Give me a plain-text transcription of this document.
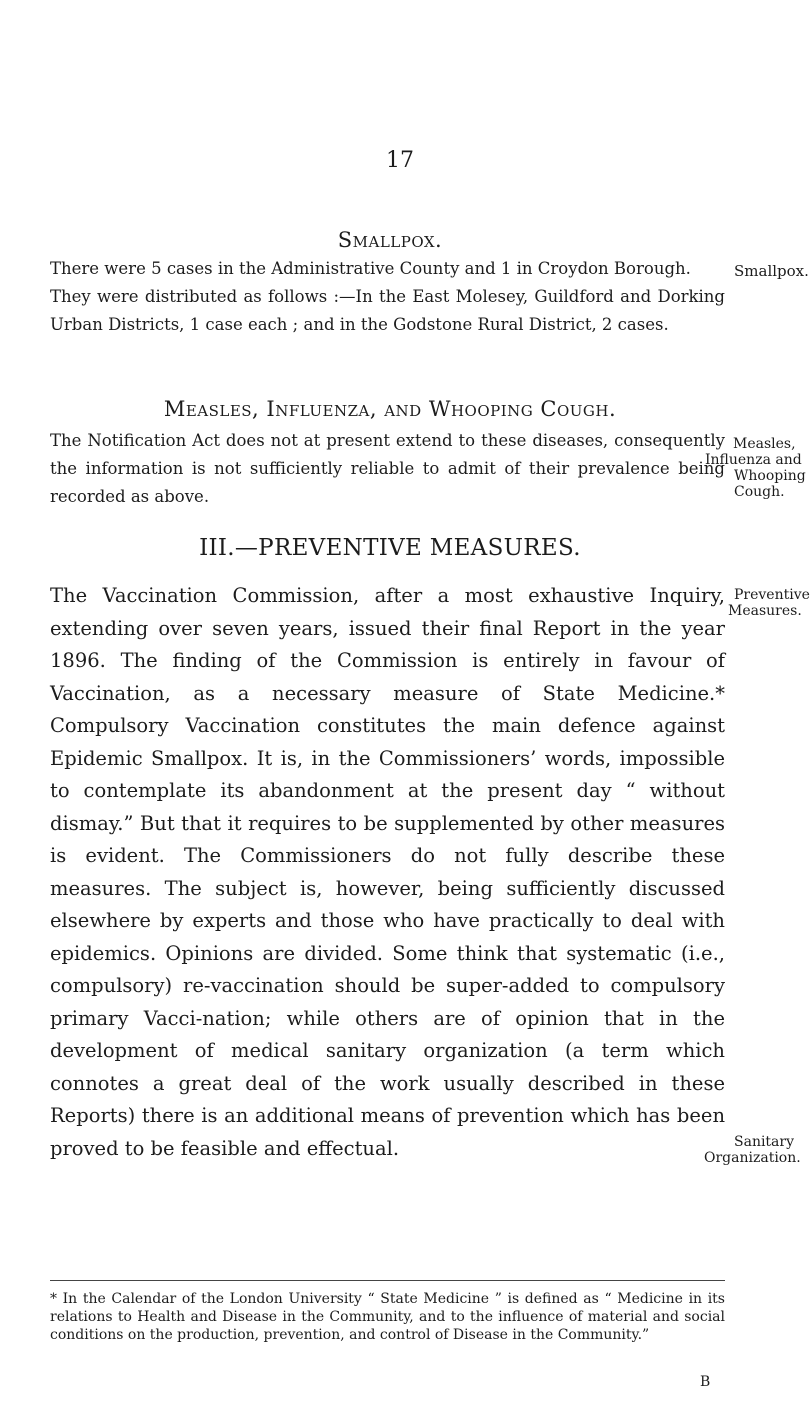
17
Smallpox.

There were 5 cases in the Administrative County and 1 in Croydon Borough.

They were distributed as follows :—In the East Molesey, Guildford and Dorking Urban Districts, 1 case each ; and in the Godstone Rural District, 2 cases.

Smallpox.
Measles, Influenza, and Whooping Cough.

The Notification Act does not at present extend to these diseases, consequently the information is not sufficiently reliable to admit of their prevalence being recorded as above.

Measles,
Influenza and
Whooping
Cough.
III.—PREVENTIVE MEASURES.

The Vaccination Commission, after a most exhaustive Inquiry, extending over seven years, issued their final Report in the year 1896. The finding of the Commission is entirely in favour of Vaccination, as a necessary measure of State Medicine.* Compulsory Vaccination constitutes the main defence against Epidemic Smallpox. It is, in the Commissioners’ words, impossible to contemplate its abandonment at the present day “ without dismay.” But that it requires to be supplemented by other measures is evident. The Commissioners do not fully describe these measures. The subject is, however, being sufficiently discussed elsewhere by experts and those who have practically to deal with epidemics. Opinions are divided. Some think that systematic (i.e., compulsory) re-vaccination should be super-added to compulsory primary Vacci-nation; while others are of opinion that in the development of medical sanitary organization (a term which connotes a great deal of the work usually described in these Reports) there is an additional means of prevention which has been proved to be feasible and effectual.

Preventive
Measures.
Sanitary
Organization.
* In the Calendar of the London University “ State Medicine ” is defined as “ Medicine in its relations to Health and Disease in the Community, and to the influence of material and social conditions on the production, prevention, and control of Disease in the Community.”
B
